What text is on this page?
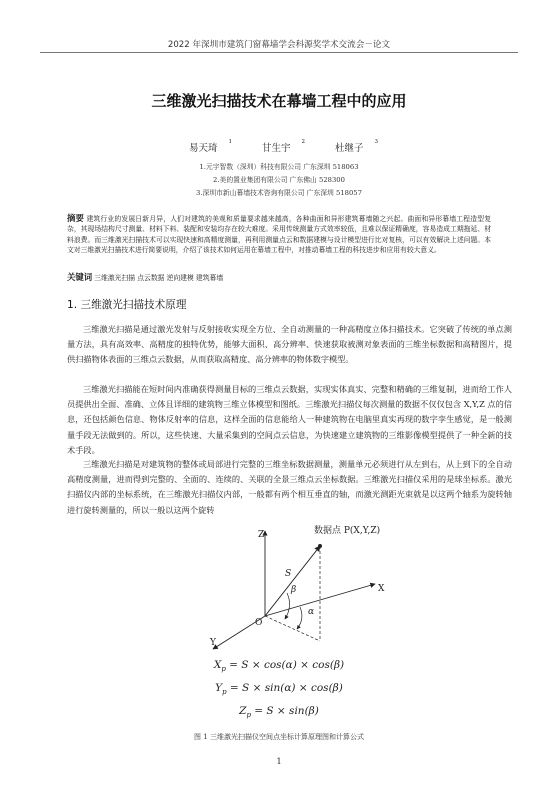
2022 年深圳市建筑门窗幕墙学会科源奖学术交流会－论文
三维激光扫描技术在幕墙工程中的应用
易天琦$^1$ 甘生宇$^2$ 杜继子$^3$
1.元宇智数（深圳）科技有限公司 广东深圳 518063
2.美的置业集团有限公司 广东佛山 528300
3.深圳市新山幕墙技术咨询有限公司 广东深圳 518057
摘要 建筑行业的发展日新月异，人们对建筑的美观和质量要求越来越高，各种曲面和异形建筑幕墙随之兴起。曲面和异形幕墙工程造型复杂，其现场结构尺寸测量、材料下料、装配和安装均存在较大难度。采用传统测量方式效率较低，且难以保证精确度，容易造成工期拖延、材料浪费。而三维激光扫描技术可以实现快速和高精度测量，再利用测量点云和数据建模与设计模型进行比对复核，可以有效解决上述问题。本文对三维激光扫描技术进行简要说明，介绍了该技术如何运用在幕墙工程中，对推动幕墙工程的科技进步和应用有较大意义。
关键词 三维激光扫描 点云数据 逆向建模 建筑幕墙
1. 三维激光扫描技术原理
三维激光扫描是通过激光发射与反射接收实现全方位、全自动测量的一种高精度立体扫描技术。它突破了传统的单点测量方法，具有高效率、高精度的独特优势，能够大面积、高分辨率、快速获取被测对象表面的三维坐标数据和高精图片，提供扫描物体表面的三维点云数据，从而获取高精度、高分辨率的物体数字模型。
三维激光扫描能在短时间内准确获得测量目标的三维点云数据，实现实体真实、完整和精确的三维复制，进而给工作人员提供出全面、准确、立体且详细的建筑物三维立体模型和图纸。三维激光扫描仪每次测量的数据不仅仅包含 X,Y,Z 点的信息，还包括颜色信息、物体反射率的信息，这样全面的信息能给人一种建筑物在电脑里真实再现的数字孪生感觉，是一般测量手段无法做到的。所以，这些快速、大量采集到的空间点云信息，为快速建立建筑物的三维影像模型提供了一种全新的技术手段。
三维激光扫描是对建筑物的整体或局部进行完整的三维坐标数据测量，测量单元必须进行从左到右，从上到下的全自动高精度测量，进而得到完整的、全面的、连续的、关联的全景三维点云坐标数据。三维激光扫描仪采用的是球坐标系。激光扫描仪内部的坐标系统，在三维激光扫描仪内部，一般都有两个相互垂直的轴，而激光测距光束就是以这两个轴系为旋转轴进行旋转测量的，所以一般以这两个旋转
数据点 P(X,Y,Z)
Z
X
Y
S
β
α
O
$X_p = S \times \cos(\alpha) \times \cos(\beta)$
$Y_p = S \times \sin(\alpha) \times \cos(\beta)$
$Z_p = S \times \sin(\beta)$
图 1 三维激光扫描仪空间点坐标计算原理图和计算公式
1
